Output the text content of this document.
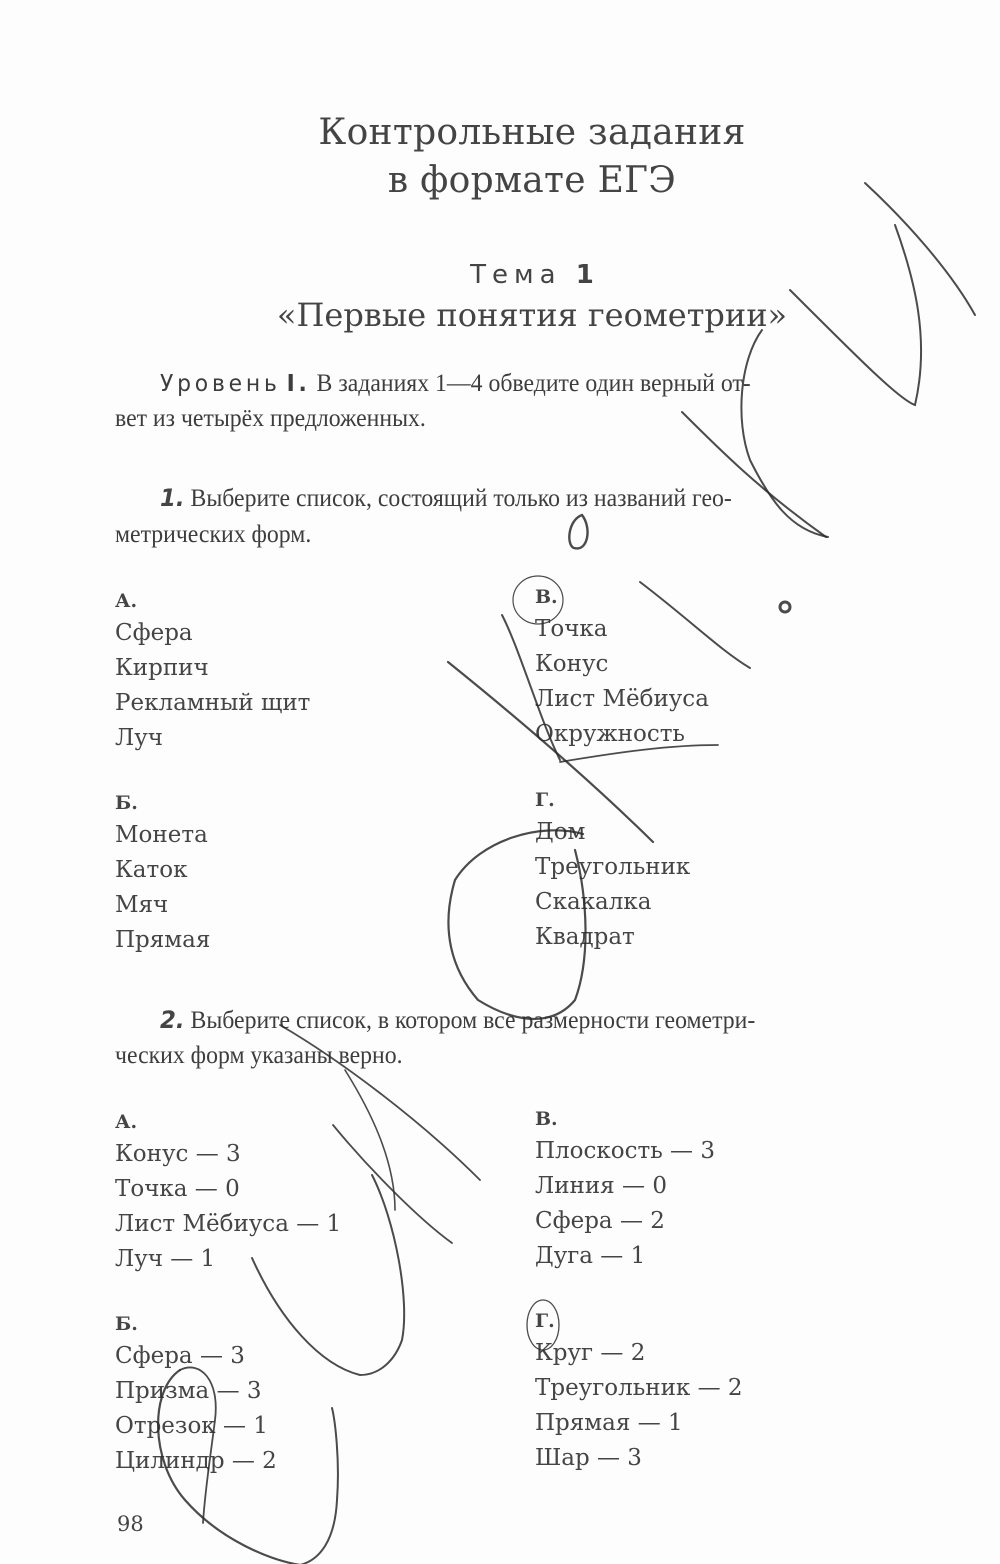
Контрольные задания
в формате ЕГЭ
Тема 1
«Первые понятия геометрии»
Уровень I. В заданиях 1—4 обведите один верный от-
вет из четырёх предложенных.
1. Выберите список, состоящий только из названий гео-
метрических форм.
А.
Сфера
Кирпич
Рекламный щит
Луч
В.
Точка
Конус
Лист Мёбиуса
Окружность
Б.
Монета
Каток
Мяч
Прямая
Г.
Дом
Треугольник
Скакалка
Квадрат
2. Выберите список, в котором все размерности геометри-
ческих форм указаны верно.
А.
Конус — 3
Точка — 0
Лист Мёбиуса — 1
Луч — 1
В.
Плоскость — 3
Линия — 0
Сфера — 2
Дуга — 1
Б.
Сфера — 3
Призма — 3
Отрезок — 1
Цилиндр — 2
Г.
Круг — 2
Треугольник — 2
Прямая — 1
Шар — 3
98
